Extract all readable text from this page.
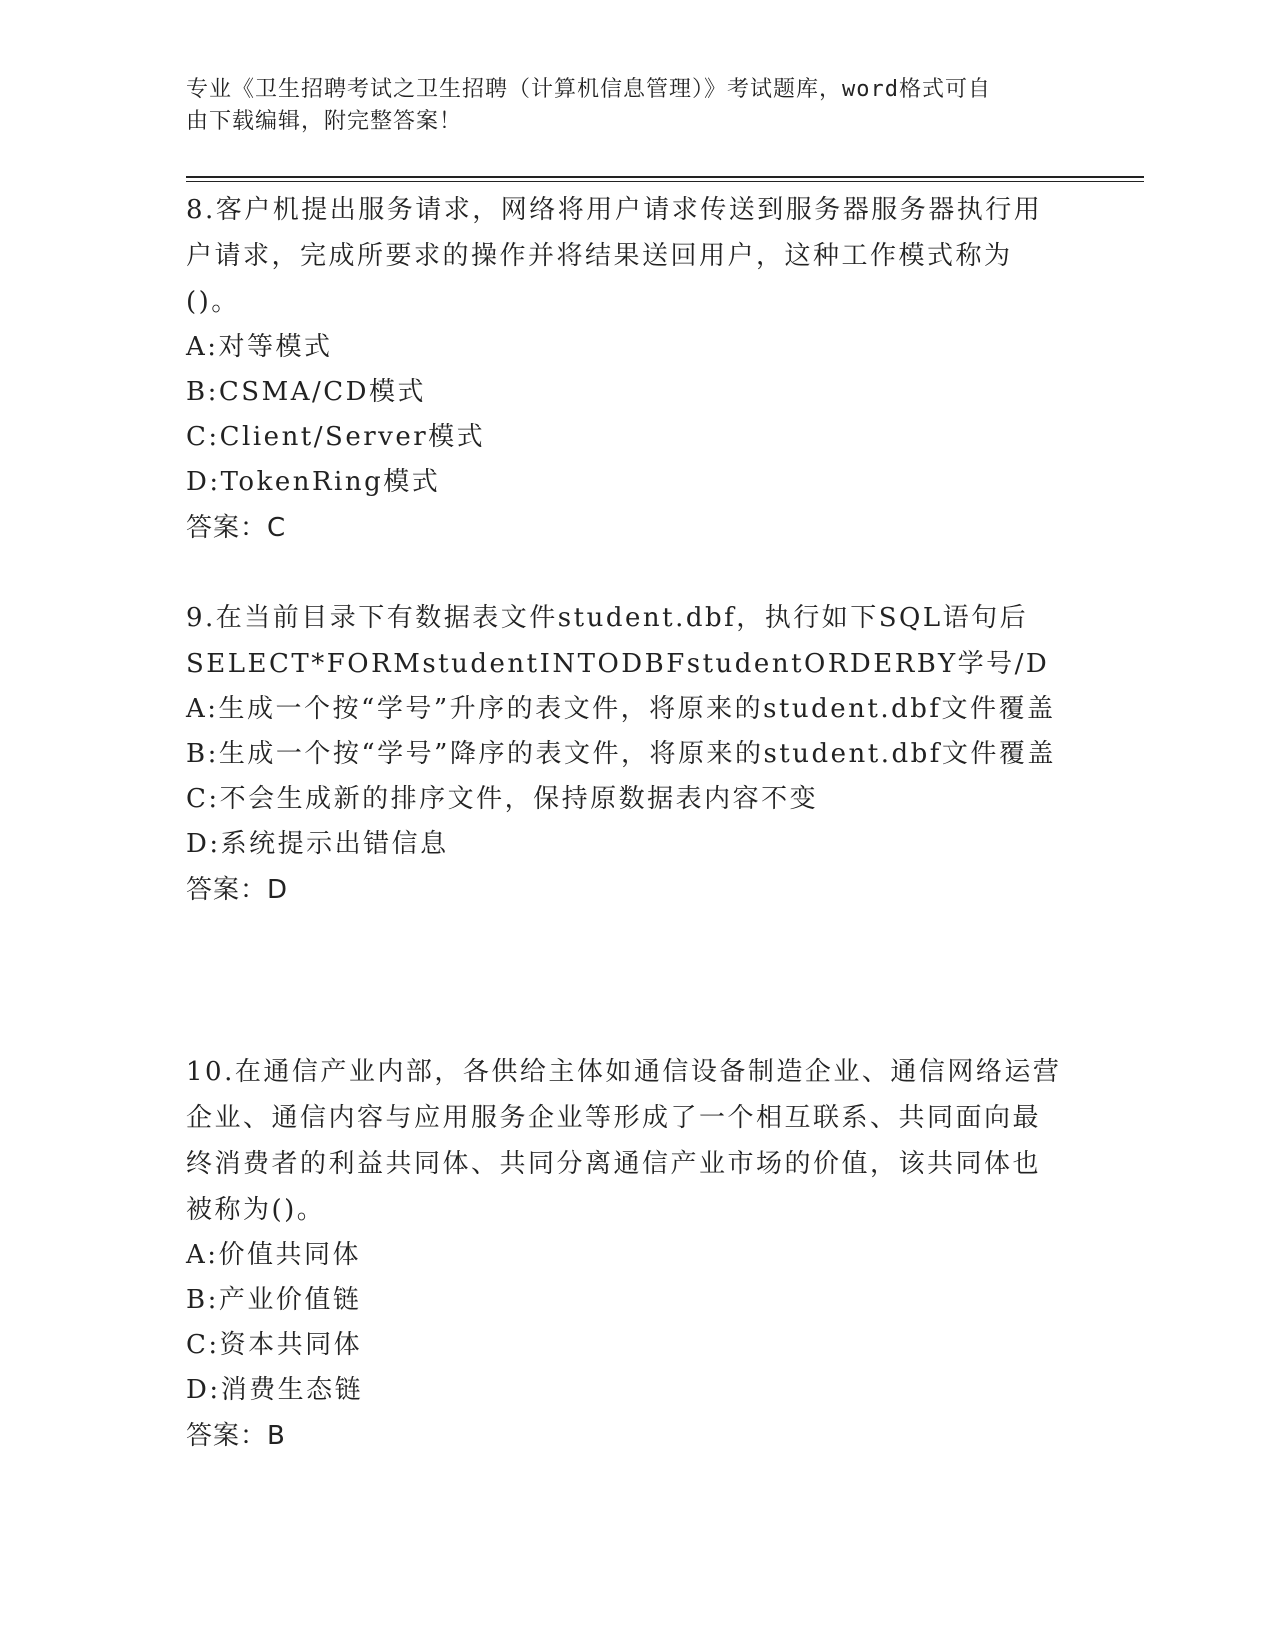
专业《卫生招聘考试之卫生招聘（计算机信息管理）》考试题库，word格式可自
由下载编辑，附完整答案！

8.客户机提出服务请求，网络将用户请求传送到服务器服务器执行用户请求，完成所要求的操作并将结果送回用户，这种工作模式称为()。

A:对等模式

B:CSMA/CD模式

C:Client/Server模式

D:TokenRing模式

答案：C

9.在当前目录下有数据表文件student.dbf，执行如下SQL语句后SELECT*FORMstudentINTODBFstudentORDERBY学号/D

A:生成一个按“学号”升序的表文件，将原来的student.dbf文件覆盖

B:生成一个按“学号”降序的表文件，将原来的student.dbf文件覆盖

C:不会生成新的排序文件，保持原数据表内容不变

D:系统提示出错信息

答案：D

10.在通信产业内部，各供给主体如通信设备制造企业、通信网络运营企业、通信内容与应用服务企业等形成了一个相互联系、共同面向最终消费者的利益共同体、共同分离通信产业市场的价值，该共同体也被称为()。

A:价值共同体

B:产业价值链

C:资本共同体

D:消费生态链

答案：B
